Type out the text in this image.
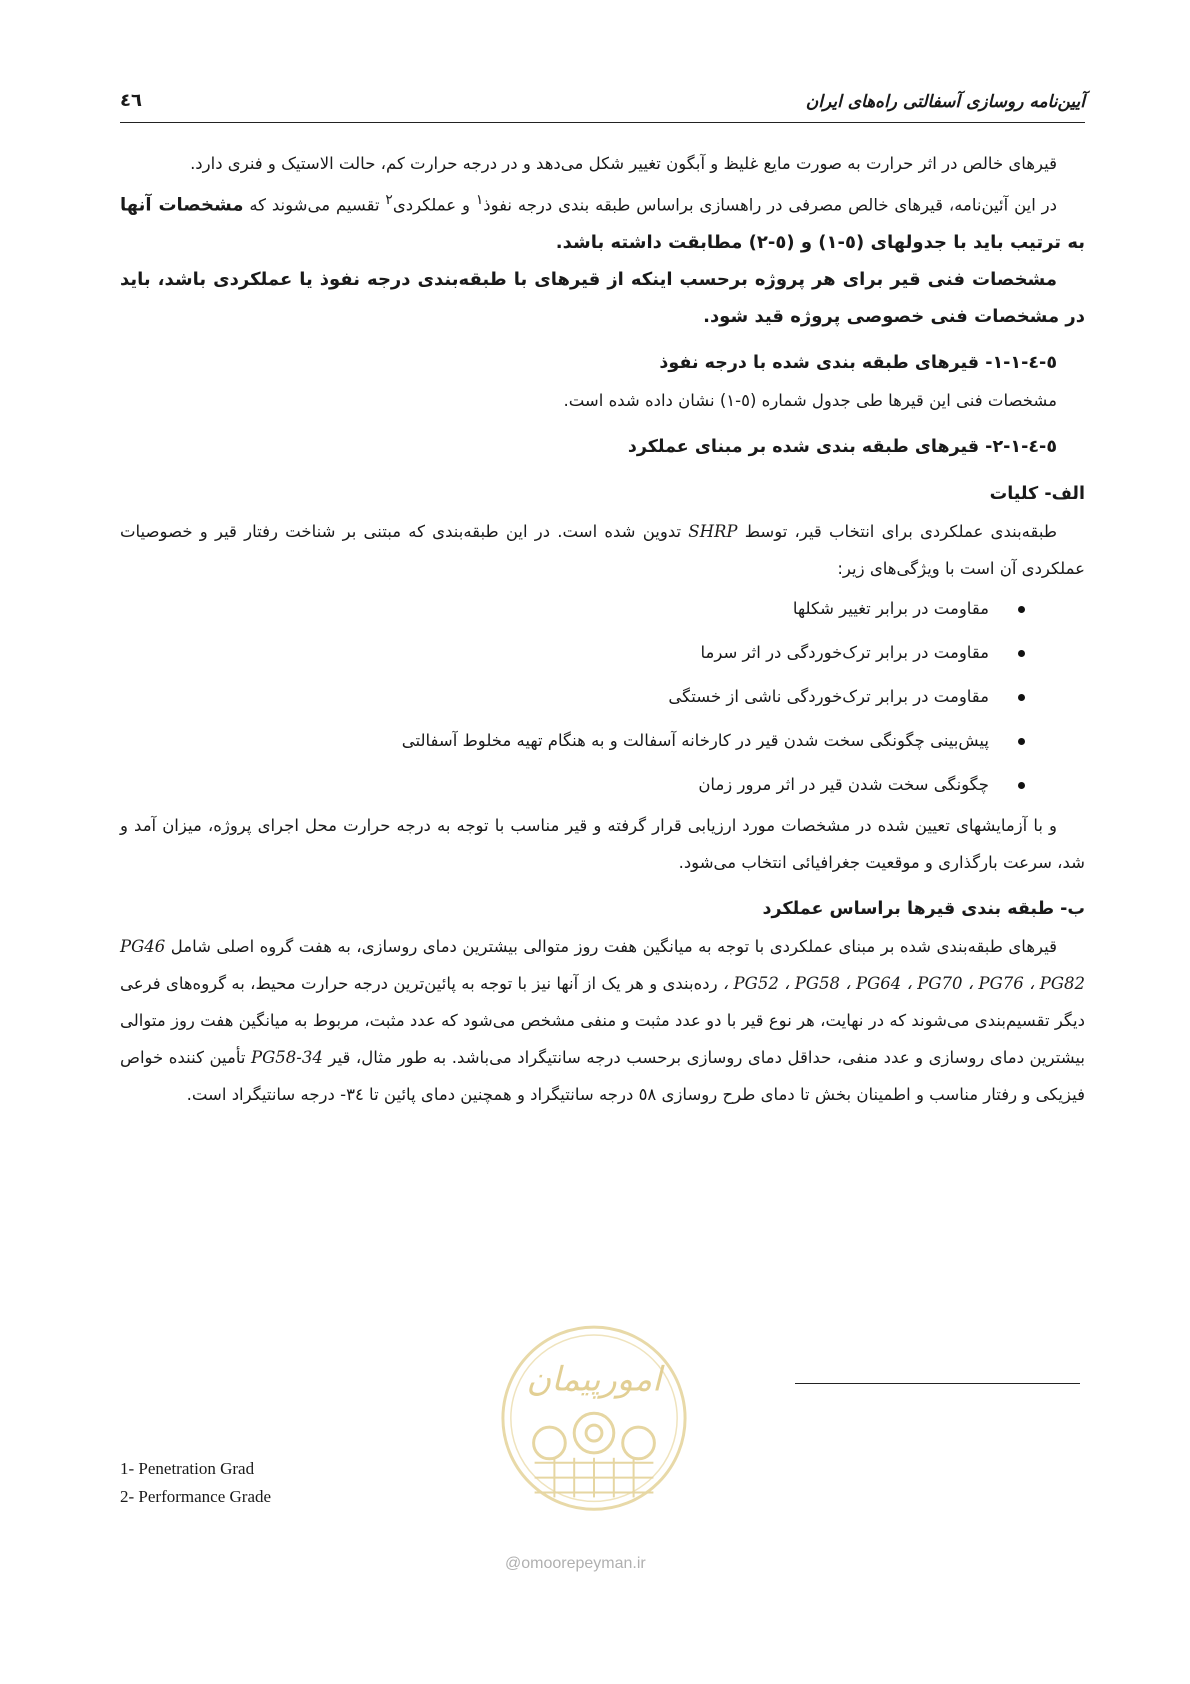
آیین‌نامه روسازی آسفالتی راه‌های ایران
٤٦

قیرهای خالص در اثر حرارت به صورت مایع غلیظ و آبگون تغییر شکل می‌دهد و در درجه حرارت کم، حالت الاستیک و فنری دارد.

در این آئین‌نامه، قیرهای خالص مصرفی در راهسازی براساس طبقه بندی درجه نفوذ$^١$ و عملکردی$^٢$ تقسیم می‌شوند که مشخصات آنها به ترتیب باید با جدولهای (٥-١) و (٥-٢) مطابقت داشته باشد.

مشخصات فنی قیر برای هر پروژه برحسب اینکه از قیرهای با طبقه‌بندی درجه نفوذ یا عملکردی باشد، باید در مشخصات فنی خصوصی پروژه قید شود.

٥-٤-١-١- قیرهای طبقه بندی شده با درجه نفوذ

مشخصات فنی این قیرها طی جدول شماره (٥-١) نشان داده شده است.

٥-٤-١-٢- قیرهای طبقه بندی شده بر مبنای عملکرد

الف- کلیات

طبقه‌بندی عملکردی برای انتخاب قیر، توسط SHRP تدوین شده است. در این طبقه‌بندی که مبتنی بر شناخت رفتار قیر و خصوصیات عملکردی آن است با ویژگی‌های زیر:

مقاومت در برابر تغییر شکلها
مقاومت در برابر ترک‌خوردگی در اثر سرما
مقاومت در برابر ترک‌خوردگی ناشی از خستگی
پیش‌بینی چگونگی سخت شدن قیر در کارخانه آسفالت و به هنگام تهیه مخلوط آسفالتی
چگونگی سخت شدن قیر در اثر مرور زمان

و با آزمایشهای تعیین شده در مشخصات مورد ارزیابی قرار گرفته و قیر مناسب با توجه به درجه حرارت محل اجرای پروژه، میزان آمد و شد، سرعت بارگذاری و موقعیت جغرافیائی انتخاب می‌شود.

ب- طبقه بندی قیرها براساس عملکرد

قیرهای طبقه‌بندی شده بر مبنای عملکردی با توجه به میانگین هفت روز متوالی بیشترین دمای روسازی، به هفت گروه اصلی شامل PG46 ، PG52 ، PG58 ، PG64 ، PG70 ، PG76 ، PG82 رده‌بندی و هر یک از آنها نیز با توجه به پائین‌ترین درجه حرارت محیط، به گروه‌های فرعی دیگر تقسیم‌بندی می‌شوند که در نهایت، هر نوع قیر با دو عدد مثبت و منفی مشخص می‌شود که عدد مثبت، مربوط به میانگین هفت روز متوالی بیشترین دمای روسازی و عدد منفی، حداقل دمای روسازی برحسب درجه سانتیگراد می‌باشد. به طور مثال، قیر PG58-34 تأمین کننده خواص فیزیکی و رفتار مناسب و اطمینان بخش تا دمای طرح روسازی ٥٨ درجه سانتیگراد و همچنین دمای پائین تا ٣٤- درجه سانتیگراد است.

1- Penetration Grad
2- Performance Grade
امورپیمان
@omoorepeyman.ir
